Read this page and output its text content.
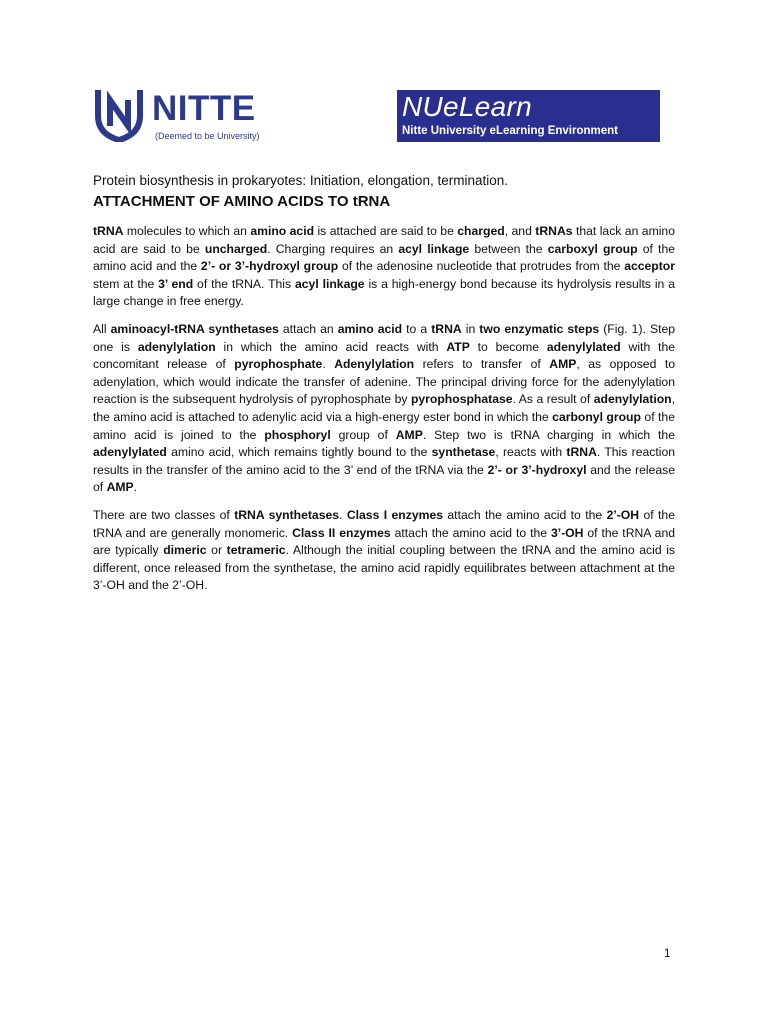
NITTE
(Deemed to be University)
NUeLearn
Nitte University eLearning Environment
Protein biosynthesis in prokaryotes: Initiation, elongation, termination.
ATTACHMENT OF AMINO ACIDS TO tRNA

tRNA molecules to which an amino acid is attached are said to be charged, and tRNAs that lack an amino acid are said to be uncharged. Charging requires an acyl linkage between the carboxyl group of the amino acid and the 2’- or 3’-hydroxyl group of the adenosine nucleotide that protrudes from the acceptor stem at the 3’ end of the tRNA. This acyl linkage is a high-energy bond because its hydrolysis results in a large change in free energy.

All aminoacyl-tRNA synthetases attach an amino acid to a tRNA in two enzymatic steps (Fig. 1). Step one is adenylylation in which the amino acid reacts with ATP to become adenylylated with the concomitant release of pyrophosphate. Adenylylation refers to transfer of AMP, as opposed to adenylation, which would indicate the transfer of adenine. The principal driving force for the adenylylation reaction is the subsequent hydrolysis of pyrophosphate by pyrophosphatase. As a result of adenylylation, the amino acid is attached to adenylic acid via a high-energy ester bond in which the carbonyl group of the amino acid is joined to the phosphoryl group of AMP. Step two is tRNA charging in which the adenylylated amino acid, which remains tightly bound to the synthetase, reacts with tRNA. This reaction results in the transfer of the amino acid to the 3’ end of the tRNA via the 2’- or 3’-hydroxyl and the release of AMP.

There are two classes of tRNA synthetases. Class I enzymes attach the amino acid to the 2’-OH of the tRNA and are generally monomeric. Class II enzymes attach the amino acid to the 3’-OH of the tRNA and are typically dimeric or tetrameric. Although the initial coupling between the tRNA and the amino acid is different, once released from the synthetase, the amino acid rapidly equilibrates between attachment at the 3’-OH and the 2’-OH.

1
